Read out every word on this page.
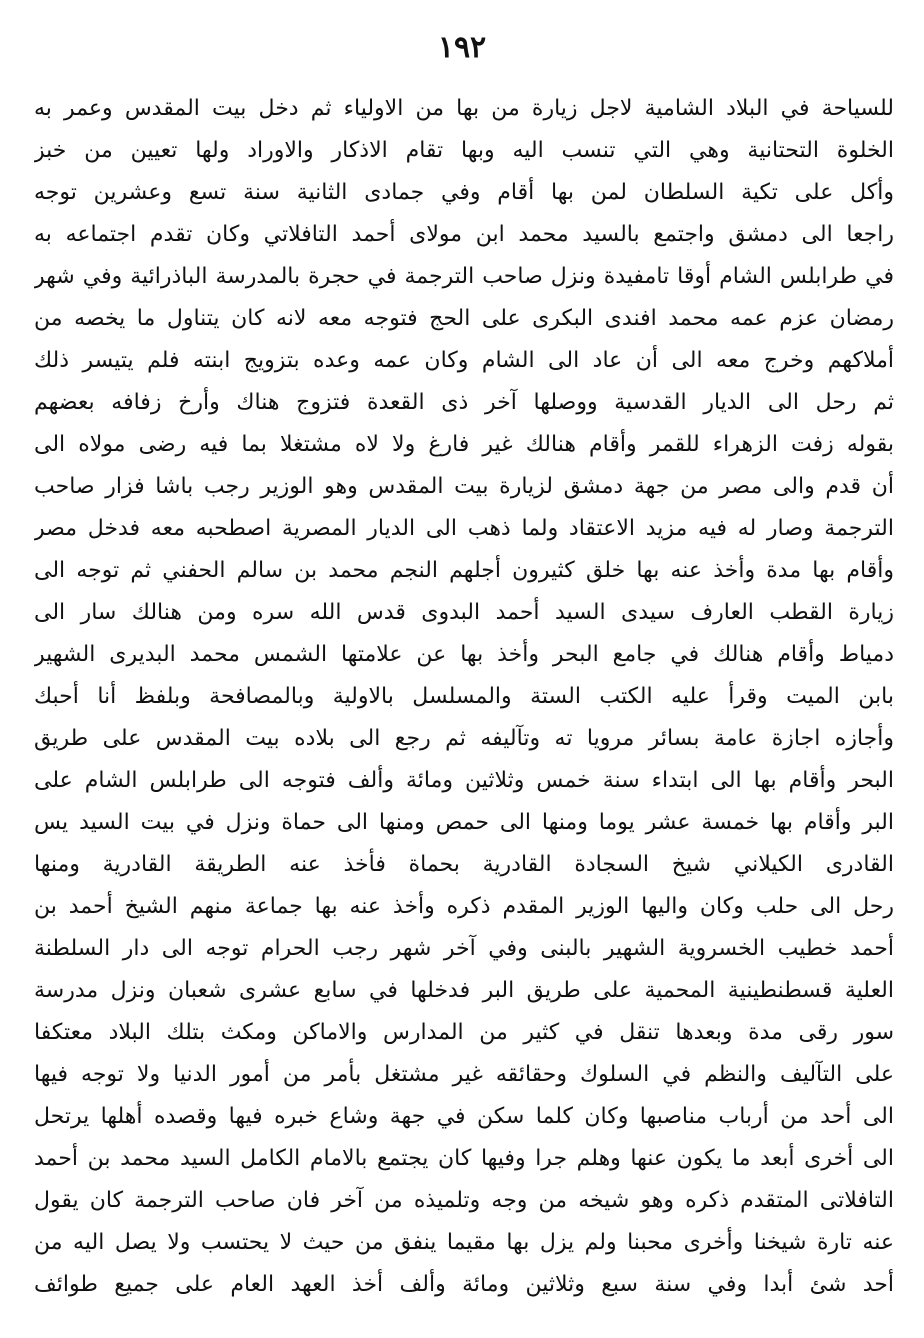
١٩٢
للسياحة في البلاد الشامية لاجل زيارة من بها من الاولياء ثم دخل بيت المقدس وعمر به
الخلوة التحتانية وهي التي تنسب اليه وبها تقام الاذكار والاوراد ولها تعيين من خبز
وأكل على تكية السلطان لمن بها أقام وفي جمادى الثانية سنة تسع وعشرين توجه
راجعا الى دمشق واجتمع بالسيد محمد ابن مولاى أحمد التافلاتي وكان تقدم اجتماعه به
في طرابلس الشام أوقا تامفيدة ونزل صاحب الترجمة في حجرة بالمدرسة الباذرائية وفي شهر
رمضان عزم عمه محمد افندى البكرى على الحج فتوجه معه لانه كان يتناول ما يخصه من
أملاكهم وخرج معه الى أن عاد الى الشام وكان عمه وعده بتزويج ابنته فلم يتيسر ذلك
ثم رحل الى الديار القدسية ووصلها آخر ذى القعدة فتزوج هناك وأرخ زفافه بعضهم
بقوله زفت الزهراء للقمر وأقام هنالك غير فارغ ولا لاه مشتغلا بما فيه رضى مولاه الى
أن قدم والى مصر من جهة دمشق لزيارة بيت المقدس وهو الوزير رجب باشا فزار صاحب
الترجمة وصار له فيه مزيد الاعتقاد ولما ذهب الى الديار المصرية اصطحبه معه فدخل مصر
وأقام بها مدة وأخذ عنه بها خلق كثيرون أجلهم النجم محمد بن سالم الحفني ثم توجه الى
زيارة القطب العارف سيدى السيد أحمد البدوى قدس الله سره ومن هنالك سار الى
دمياط وأقام هنالك في جامع البحر وأخذ بها عن علامتها الشمس محمد البديرى الشهير
بابن الميت وقرأ عليه الكتب الستة والمسلسل بالاولية وبالمصافحة وبلفظ أنا أحبك
وأجازه اجازة عامة بسائر مرويا ته وتآليفه ثم رجع الى بلاده بيت المقدس على طريق
البحر وأقام بها الى ابتداء سنة خمس وثلاثين ومائة وألف فتوجه الى طرابلس الشام على
البر وأقام بها خمسة عشر يوما ومنها الى حمص ومنها الى حماة ونزل في بيت السيد يس
القادرى الكيلاني شيخ السجادة القادرية بحماة فأخذ عنه الطريقة القادرية ومنها
رحل الى حلب وكان واليها الوزير المقدم ذكره وأخذ عنه بها جماعة منهم الشيخ أحمد بن
أحمد خطيب الخسروية الشهير بالبنى وفي آخر شهر رجب الحرام توجه الى دار السلطنة
العلية قسطنطينية المحمية على طريق البر فدخلها في سابع عشرى شعبان ونزل مدرسة
سور رقى مدة وبعدها تنقل في كثير من المدارس والاماكن ومكث بتلك البلاد معتكفا
على التآليف والنظم في السلوك وحقائقه غير مشتغل بأمر من أمور الدنيا ولا توجه فيها
الى أحد من أرباب مناصبها وكان كلما سكن في جهة وشاع خبره فيها وقصده أهلها يرتحل
الى أخرى أبعد ما يكون عنها وهلم جرا وفيها كان يجتمع بالامام الكامل السيد محمد بن أحمد
التافلاتى المتقدم ذكره وهو شيخه من وجه وتلميذه من آخر فان صاحب الترجمة كان يقول
عنه تارة شيخنا وأخرى محبنا ولم يزل بها مقيما ينفق من حيث لا يحتسب ولا يصل اليه من
أحد شئ أبدا وفي سنة سبع وثلاثين ومائة وألف أخذ العهد العام على جميع طوائف
